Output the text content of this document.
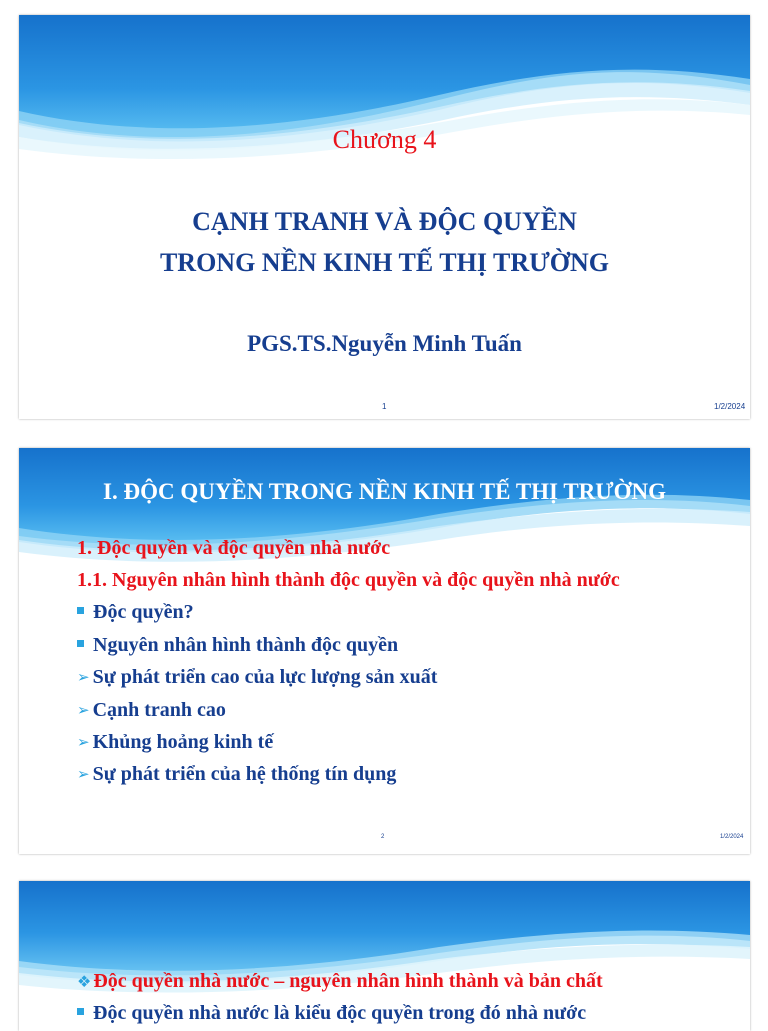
Chương 4
CẠNH TRANH VÀ ĐỘC QUYỀN
TRONG NỀN KINH TẾ THỊ TRƯỜNG
PGS.TS.Nguyễn Minh Tuấn
1	1/2/2024
I. ĐỘC QUYỀN TRONG NỀN KINH TẾ THỊ TRƯỜNG
1. Độc quyền và độc quyền nhà nước
1.1. Nguyên nhân hình thành độc quyền và độc quyền nhà nước
Độc quyền?
Nguyên nhân hình thành độc quyền
➢ Sự phát triển cao của lực lượng sản xuất
➢ Cạnh tranh cao
➢ Khủng hoảng kinh tế
➢ Sự phát triển của hệ thống tín dụng
2	1/2/2024
❖ Độc quyền nhà nước – nguyên nhân hình thành và bản chất
Độc quyền nhà nước là kiểu độc quyền trong đó nhà nước
